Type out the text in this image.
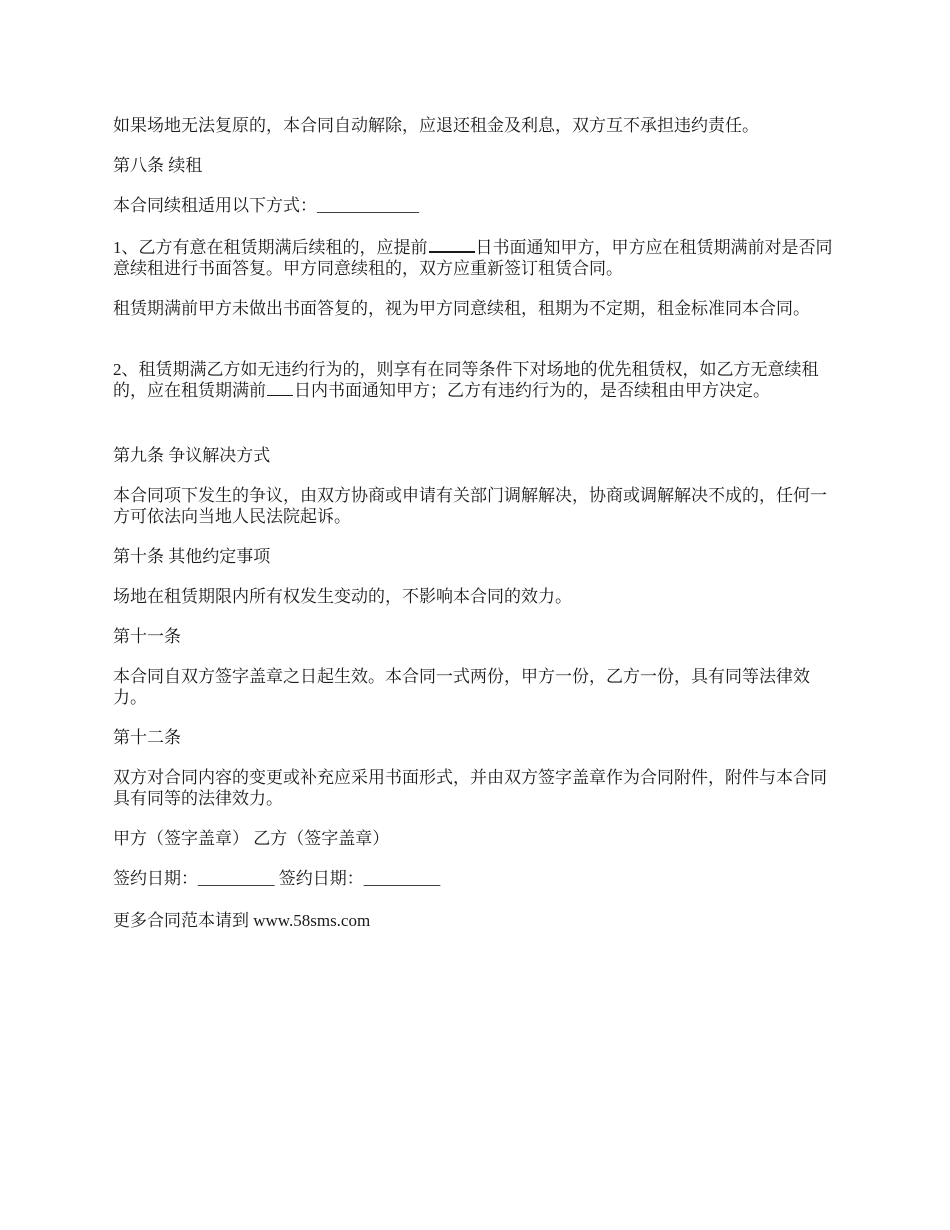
如果场地无法复原的，本合同自动解除，应退还租金及利息，双方互不承担违约责任。

第八条 续租

本合同续租适用以下方式：____________

1、乙方有意在租赁期满后续租的，应提前	日书面通知甲方，甲方应在租赁期满前对是否同意续租进行书面答复。甲方同意续租的，双方应重新签订租赁合同。

租赁期满前甲方未做出书面答复的，视为甲方同意续租，租期为不定期，租金标准同本合同。

2、租赁期满乙方如无违约行为的，则享有在同等条件下对场地的优先租赁权，如乙方无意续租的，应在租赁期满前 日内书面通知甲方；乙方有违约行为的，是否续租由甲方决定。

第九条 争议解决方式

本合同项下发生的争议，由双方协商或申请有关部门调解解决，协商或调解解决不成的，任何一方可依法向当地人民法院起诉。

第十条 其他约定事项

场地在租赁期限内所有权发生变动的，不影响本合同的效力。

第十一条

本合同自双方签字盖章之日起生效。本合同一式两份，甲方一份，乙方一份，具有同等法律效力。

第十二条

双方对合同内容的变更或补充应采用书面形式，并由双方签字盖章作为合同附件，附件与本合同具有同等的法律效力。

甲方（签字盖章） 乙方（签字盖章）

签约日期：_________ 签约日期：_________

更多合同范本请到 www.58sms.com
